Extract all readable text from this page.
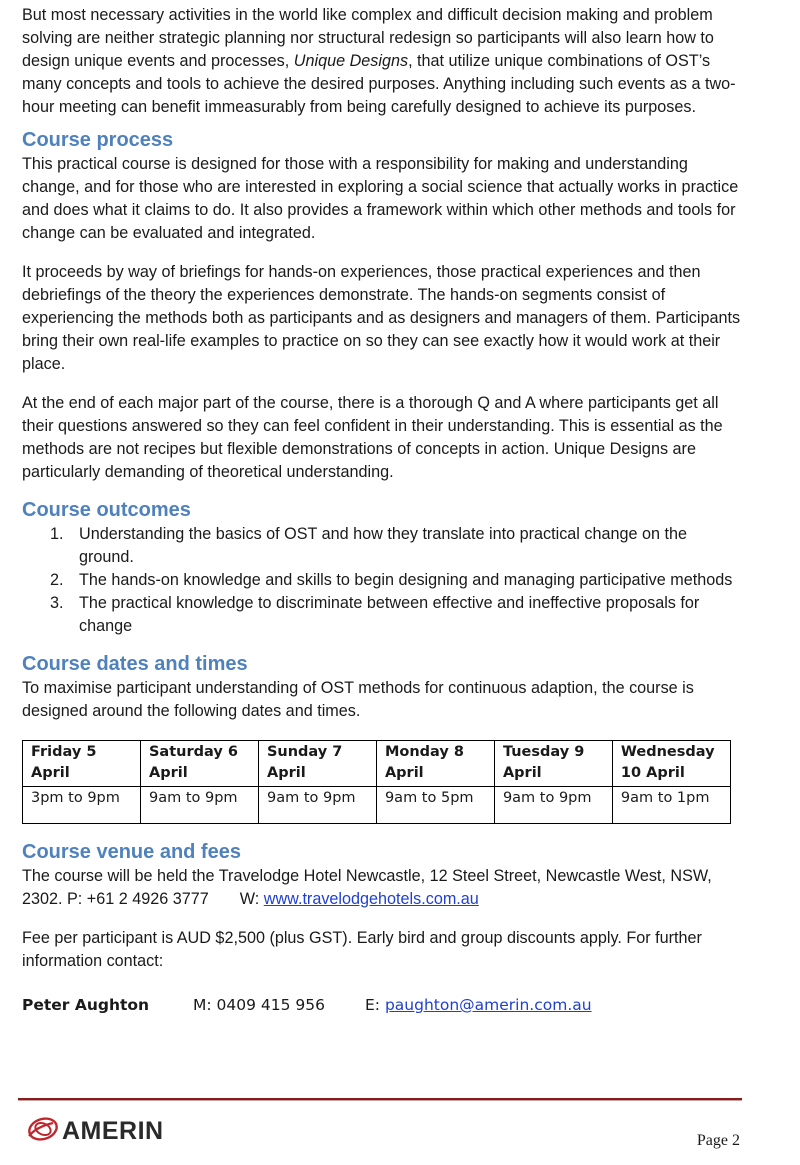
But most necessary activities in the world like complex and difficult decision making and problem solving are neither strategic planning nor structural redesign so participants will also learn how to design unique events and processes, Unique Designs, that utilize unique combinations of OST’s many concepts and tools to achieve the desired purposes. Anything including such events as a two-hour meeting can benefit immeasurably from being carefully designed to achieve its purposes.

Course process

This practical course is designed for those with a responsibility for making and understanding change, and for those who are interested in exploring a social science that actually works in practice and does what it claims to do. It also provides a framework within which other methods and tools for change can be evaluated and integrated.

It proceeds by way of briefings for hands-on experiences, those practical experiences and then debriefings of the theory the experiences demonstrate. The hands-on segments consist of experiencing the methods both as participants and as designers and managers of them. Participants bring their own real-life examples to practice on so they can see exactly how it would work at their place.

At the end of each major part of the course, there is a thorough Q and A where participants get all their questions answered so they can feel confident in their understanding. This is essential as the methods are not recipes but flexible demonstrations of concepts in action. Unique Designs are particularly demanding of theoretical understanding.

Course outcomes
1. Understanding the basics of OST and how they translate into practical change on the ground.
2. The hands-on knowledge and skills to begin designing and managing participative methods
3. The practical knowledge to discriminate between effective and ineffective proposals for change
Course dates and times

To maximise participant understanding of OST methods for continuous adaption, the course is designed around the following dates and times.

Friday 5 April	Saturday 6 April	Sunday 7 April	Monday 8 April	Tuesday 9 April	Wednesday 10 April
3pm to 9pm	9am to 9pm	9am to 9pm	9am to 5pm	9am to 9pm	9am to 1pm
Course venue and fees

The course will be held the Travelodge Hotel Newcastle, 12 Steel Street, Newcastle West, NSW, 2302. P: +61 2 4926 3777 W: www.travelodgehotels.com.au

Fee per participant is AUD $2,500 (plus GST). Early bird and group discounts apply. For further information contact:

Peter Aughton	M: 0409 415 956	E: paughton@amerin.com.au
AMERIN	Page 2
